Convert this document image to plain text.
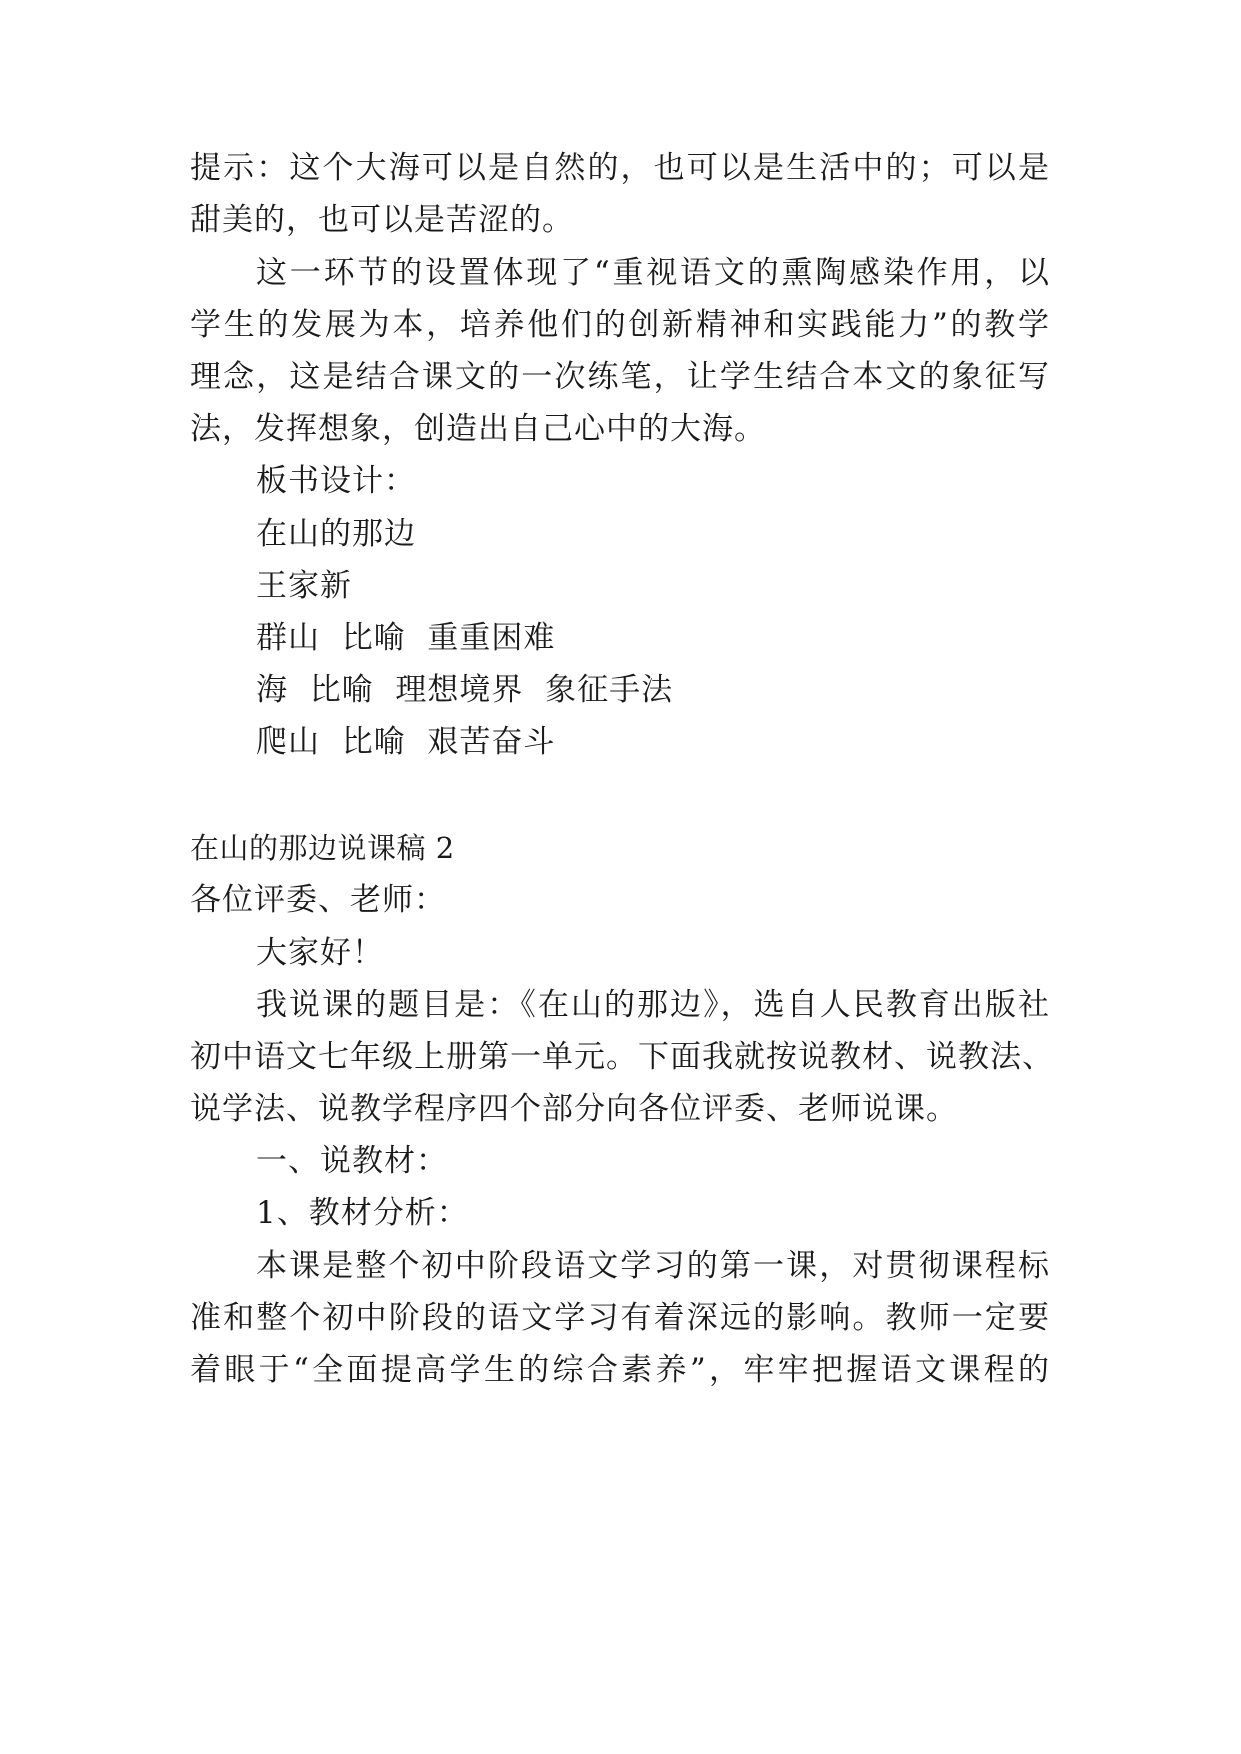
提示：这个大海可以是自然的，也可以是生活中的；可以是
甜美的，也可以是苦涩的。
这一环节的设置体现了“重视语文的熏陶感染作用，以
学生的发展为本，培养他们的创新精神和实践能力”的教学
理念，这是结合课文的一次练笔，让学生结合本文的象征写
法，发挥想象，创造出自己心中的大海。
板书设计：
在山的那边
王家新
群山  比喻  重重困难
海  比喻  理想境界  象征手法
爬山  比喻  艰苦奋斗
在山的那边说课稿 2
各位评委、老师：
大家好！
我说课的题目是：《在山的那边》，选自人民教育出版社
初中语文七年级上册第一单元。下面我就按说教材、说教法、
说学法、说教学程序四个部分向各位评委、老师说课。
一、说教材：
1、教材分析：
本课是整个初中阶段语文学习的第一课，对贯彻课程标
准和整个初中阶段的语文学习有着深远的影响。教师一定要
着眼于“全面提高学生的综合素养”，牢牢把握语文课程的
